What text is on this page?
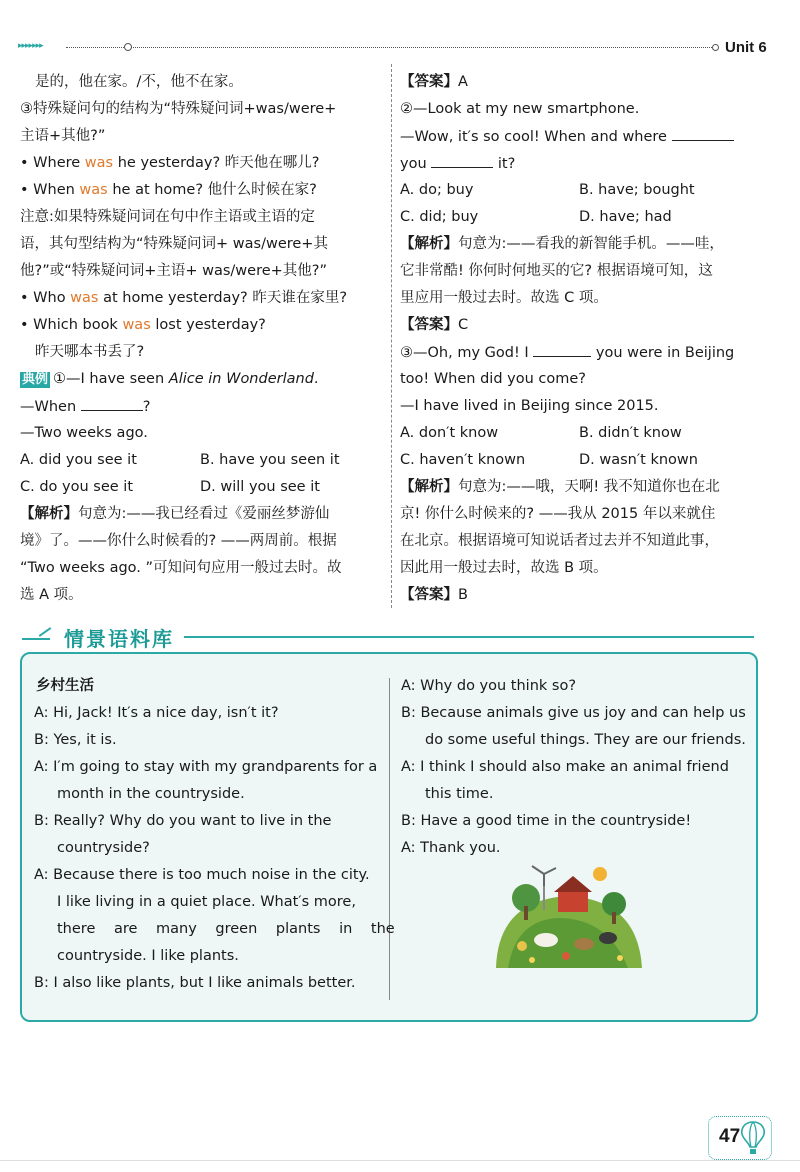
▸▸▸▸▸▸▸	Unit 6
是的，他在家。/不，他不在家。
③特殊疑问句的结构为“特殊疑问词+was/were+
主语+其他?”
• Where was he yesterday? 昨天他在哪儿?
• When was he at home? 他什么时候在家?
注意:如果特殊疑问词在句中作主语或主语的定
语，其句型结构为“特殊疑问词+ was/were+其
他?”或“特殊疑问词+主语+ was/were+其他?”
• Who was at home yesterday? 昨天谁在家里?
• Which book was lost yesterday?
昨天哪本书丢了?
典例 ①—I have seen Alice in Wonderland.
—When	?
—Two weeks ago.
A. did you see it	B. have you seen it
C. do you see it	D. will you see it
【解析】句意为:——我已经看过《爱丽丝梦游仙
境》了。——你什么时候看的? ——两周前。根据
“Two weeks ago. ”可知问句应用一般过去时。故
选 A 项。
【答案】A
②—Look at my new smartphone.
—Wow, it′s so cool! When and where
you	it?
A. do; buy	B. have; bought
C. did; buy	D. have; had
【解析】句意为:——看我的新智能手机。——哇，
它非常酷! 你何时何地买的它? 根据语境可知，这
里应用一般过去时。故选 C 项。
【答案】C
③—Oh, my God! I	you were in Beijing
too! When did you come?
—I have lived in Beijing since 2015.
A. don′t know	B. didn′t know
C. haven′t known	D. wasn′t known
【解析】句意为:——哦，天啊! 我不知道你也在北
京! 你什么时候来的? ——我从 2015 年以来就住
在北京。根据语境可知说话者过去并不知道此事，
因此用一般过去时，故选 B 项。
【答案】B
情景语料库
乡村生活
A: Hi, Jack! It′s a nice day, isn′t it?
B: Yes, it is.
A: I′m going to stay with my grandparents for a
month in the countryside.
B: Really? Why do you want to live in the
countryside?
A: Because there is too much noise in the city.
I like living in a quiet place. What′s more,
there are many green plants in the
countryside. I like plants.
B: I also like plants, but I like animals better.
A: Why do you think so?
B: Because animals give us joy and can help us
do some useful things. They are our friends.
A: I think I should also make an animal friend
this time.
B: Have a good time in the countryside!
A: Thank you.
47
